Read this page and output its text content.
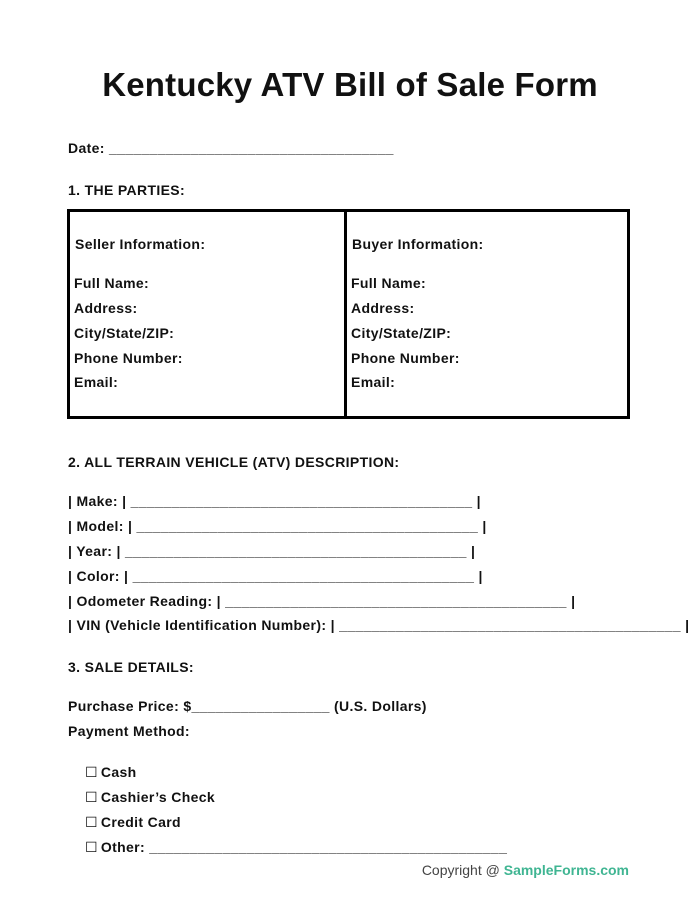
Kentucky ATV Bill of Sale Form
Date: ___________________________________
1. THE PARTIES:
Seller Information:
Full Name:
Address:
City/State/ZIP:
Phone Number:
Email:
Buyer Information:
Full Name:
Address:
City/State/ZIP:
Phone Number:
Email:
2. ALL TERRAIN VEHICLE (ATV) DESCRIPTION:
| Make: | __________________________________________ |
| Model: | __________________________________________ |
| Year: | __________________________________________ |
| Color: | __________________________________________ |
| Odometer Reading: | __________________________________________ |
| VIN (Vehicle Identification Number): | __________________________________________ |
3. SALE DETAILS:
Purchase Price: $_________________ (U.S. Dollars)
Payment Method:

☐ Cash

☐ Cashier’s Check

☐ Credit Card

☐ Other: ____________________________________________

Copyright @ SampleForms.com
